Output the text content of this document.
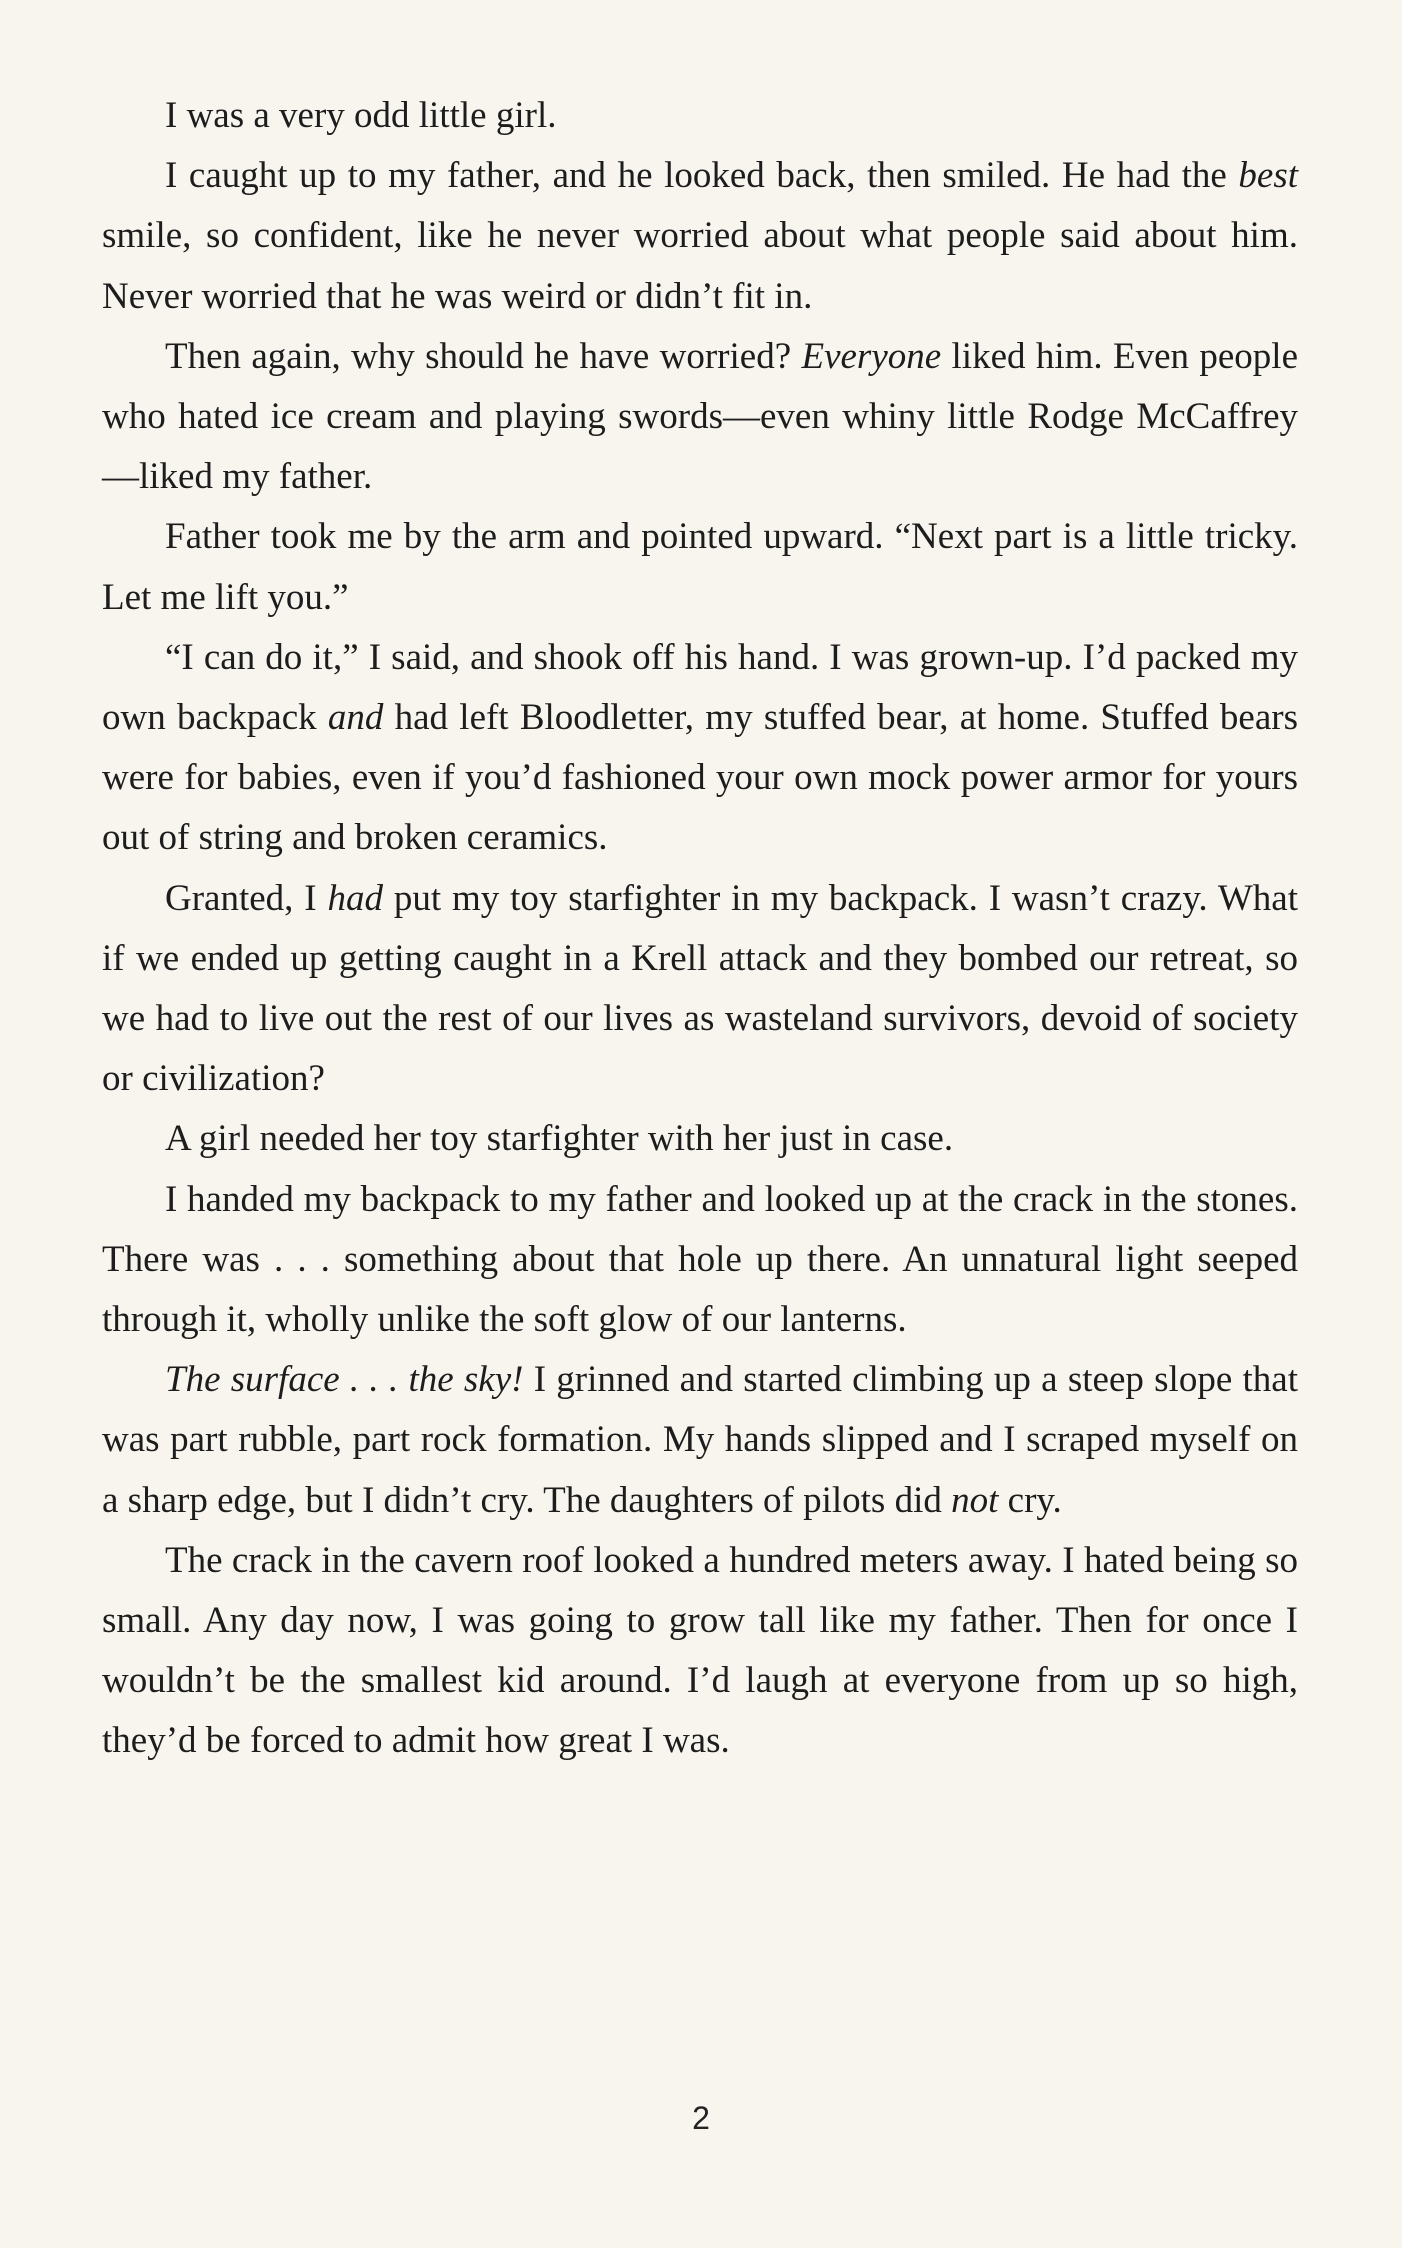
I was a very odd little girl.

I caught up to my father, and he looked back, then smiled. He had the best smile, so confident, like he never worried about what people said about him. Never worried that he was weird or didn’t fit in.

Then again, why should he have worried? Everyone liked him. Even people who hated ice cream and playing swords—even whiny little Rodge McCaffrey—liked my father.

Father took me by the arm and pointed upward. “Next part is a little tricky. Let me lift you.”

“I can do it,” I said, and shook off his hand. I was grown-up. I’d packed my own backpack and had left Bloodletter, my stuffed bear, at home. Stuffed bears were for babies, even if you’d fashioned your own mock power armor for yours out of string and broken ceramics.

Granted, I had put my toy starfighter in my backpack. I wasn’t crazy. What if we ended up getting caught in a Krell attack and they bombed our retreat, so we had to live out the rest of our lives as wasteland survivors, devoid of society or civilization?

A girl needed her toy starfighter with her just in case.

I handed my backpack to my father and looked up at the crack in the stones. There was . . . something about that hole up there. An unnatural light seeped through it, wholly unlike the soft glow of our lanterns.

The surface . . . the sky! I grinned and started climbing up a steep slope that was part rubble, part rock formation. My hands slipped and I scraped myself on a sharp edge, but I didn’t cry. The daughters of pilots did not cry.

The crack in the cavern roof looked a hundred meters away. I hated being so small. Any day now, I was going to grow tall like my father. Then for once I wouldn’t be the smallest kid around. I’d laugh at everyone from up so high, they’d be forced to admit how great I was.

2
